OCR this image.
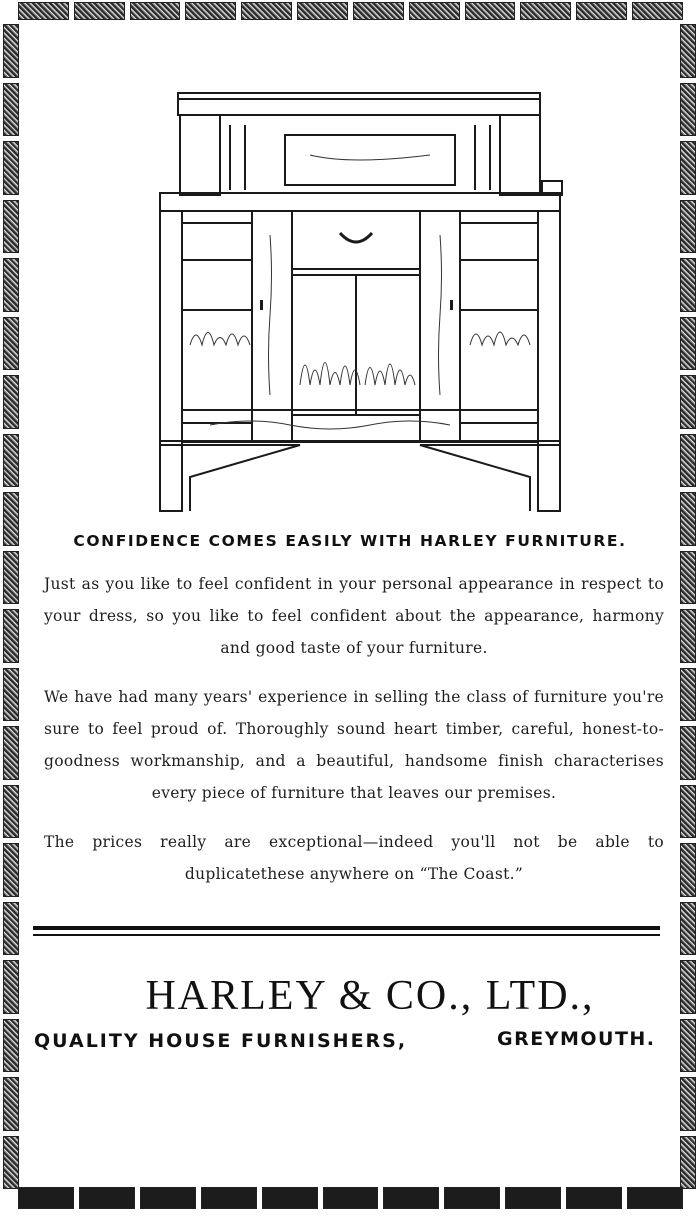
CONFIDENCE COMES EASILY WITH HARLEY FURNITURE.

Just as you like to feel confident in your personal appearance in respect to your dress, so you like to feel confident about the appearance, harmony and good taste of your furniture.

We have had many years' experience in selling the class of furniture you're sure to feel proud of. Thoroughly sound heart timber, careful, honest-to-goodness workmanship, and a beautiful, handsome finish characterises every piece of furniture that leaves our premises.

The prices really are exceptional—indeed you'll not be able to duplicatethese anywhere on “The Coast.”

HARLEY & CO., LTD.,
QUALITY HOUSE FURNISHERS,	GREYMOUTH.
